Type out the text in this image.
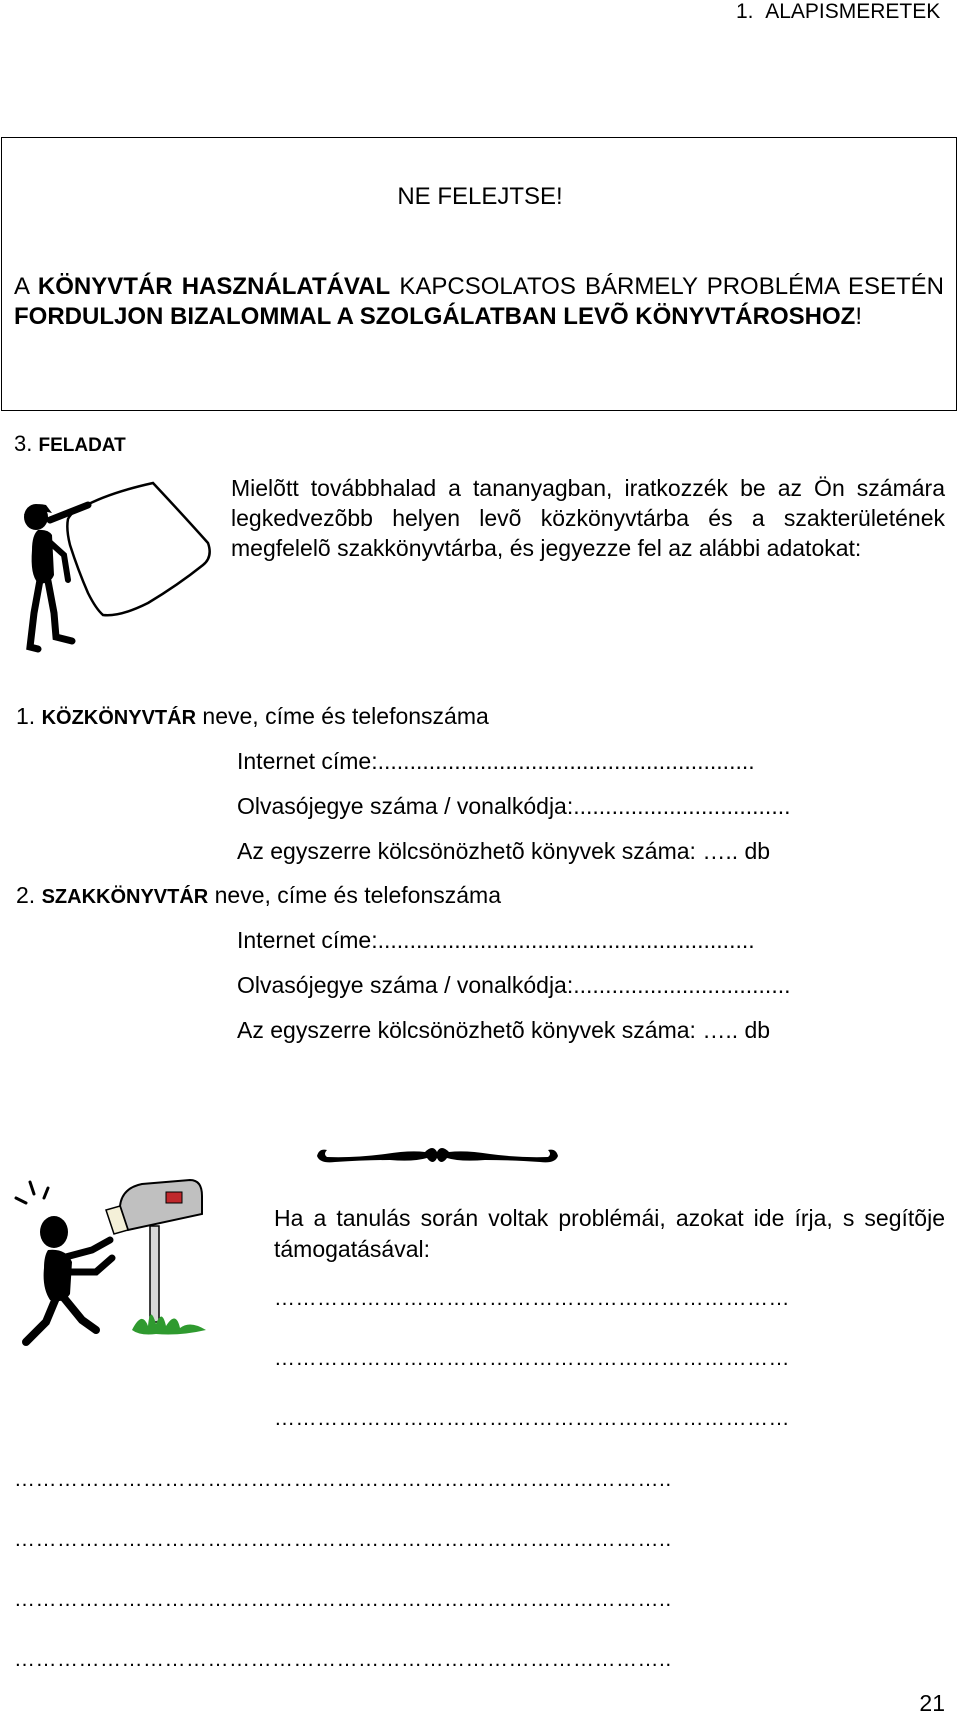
1. ALAPISMERETEK
NE FELEJTSE!
A KÖNYVTÁR HASZNÁLATÁVAL KAPCSOLATOS BÁRMELY PROBLÉMA ESETÉN FORDULJON BIZALOMMAL A SZOLGÁLATBAN LEVÕ KÖNYVTÁROSHOZ!
3. FELADAT
Mielõtt továbbhalad a tananyagban, iratkozzék be az Ön számára legkedvezõbb helyen levõ közkönyvtárba és a szakterületének megfelelõ szakkönyvtárba, és jegyezze fel az alábbi adatokat:
1. KÖZKÖNYVTÁR neve, címe és telefonszáma
Internet címe:...........................................................
Olvasójegye száma / vonalkódja:..................................
Az egyszerre kölcsönözhetõ könyvek száma: ….. db
2. SZAKKÖNYVTÁR neve, címe és telefonszáma
Internet címe:...........................................................
Olvasójegye száma / vonalkódja:..................................
Az egyszerre kölcsönözhetõ könyvek száma: ….. db
Ha a tanulás során voltak problémái, azokat ide írja, s segítõje támogatásával:
………………………………………………………………
………………………………………………………………
………………………………………………………………
………………………………………………………………………………..
………………………………………………………………………………..
………………………………………………………………………………..
………………………………………………………………………………..
21
